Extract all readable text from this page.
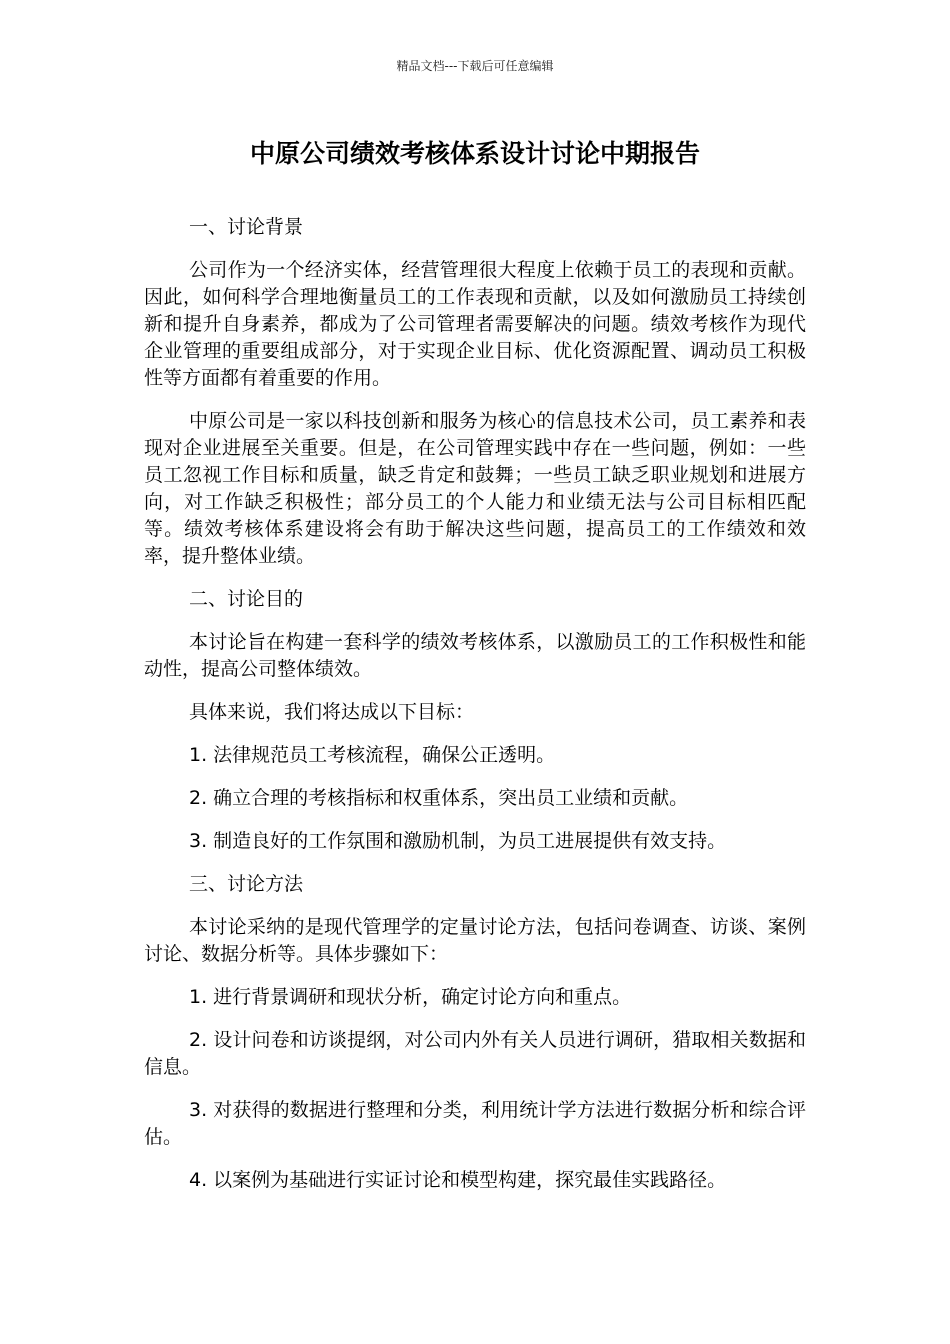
精品文档---下载后可任意编辑
中原公司绩效考核体系设计讨论中期报告

一、讨论背景

公司作为一个经济实体，经营管理很大程度上依赖于员工的表现和贡献。因此，如何科学合理地衡量员工的工作表现和贡献，以及如何激励员工持续创新和提升自身素养，都成为了公司管理者需要解决的问题。绩效考核作为现代企业管理的重要组成部分，对于实现企业目标、优化资源配置、调动员工积极性等方面都有着重要的作用。

中原公司是一家以科技创新和服务为核心的信息技术公司，员工素养和表现对企业进展至关重要。但是，在公司管理实践中存在一些问题，例如：一些员工忽视工作目标和质量，缺乏肯定和鼓舞；一些员工缺乏职业规划和进展方向，对工作缺乏积极性；部分员工的个人能力和业绩无法与公司目标相匹配等。绩效考核体系建设将会有助于解决这些问题，提高员工的工作绩效和效率，提升整体业绩。

二、讨论目的

本讨论旨在构建一套科学的绩效考核体系，以激励员工的工作积极性和能动性，提高公司整体绩效。

具体来说，我们将达成以下目标：

1. 法律规范员工考核流程，确保公正透明。

2. 确立合理的考核指标和权重体系，突出员工业绩和贡献。

3. 制造良好的工作氛围和激励机制，为员工进展提供有效支持。

三、讨论方法

本讨论采纳的是现代管理学的定量讨论方法，包括问卷调查、访谈、案例讨论、数据分析等。具体步骤如下：

1. 进行背景调研和现状分析，确定讨论方向和重点。

2. 设计问卷和访谈提纲，对公司内外有关人员进行调研，猎取相关数据和信息。

3. 对获得的数据进行整理和分类，利用统计学方法进行数据分析和综合评估。

4. 以案例为基础进行实证讨论和模型构建，探究最佳实践路径。
